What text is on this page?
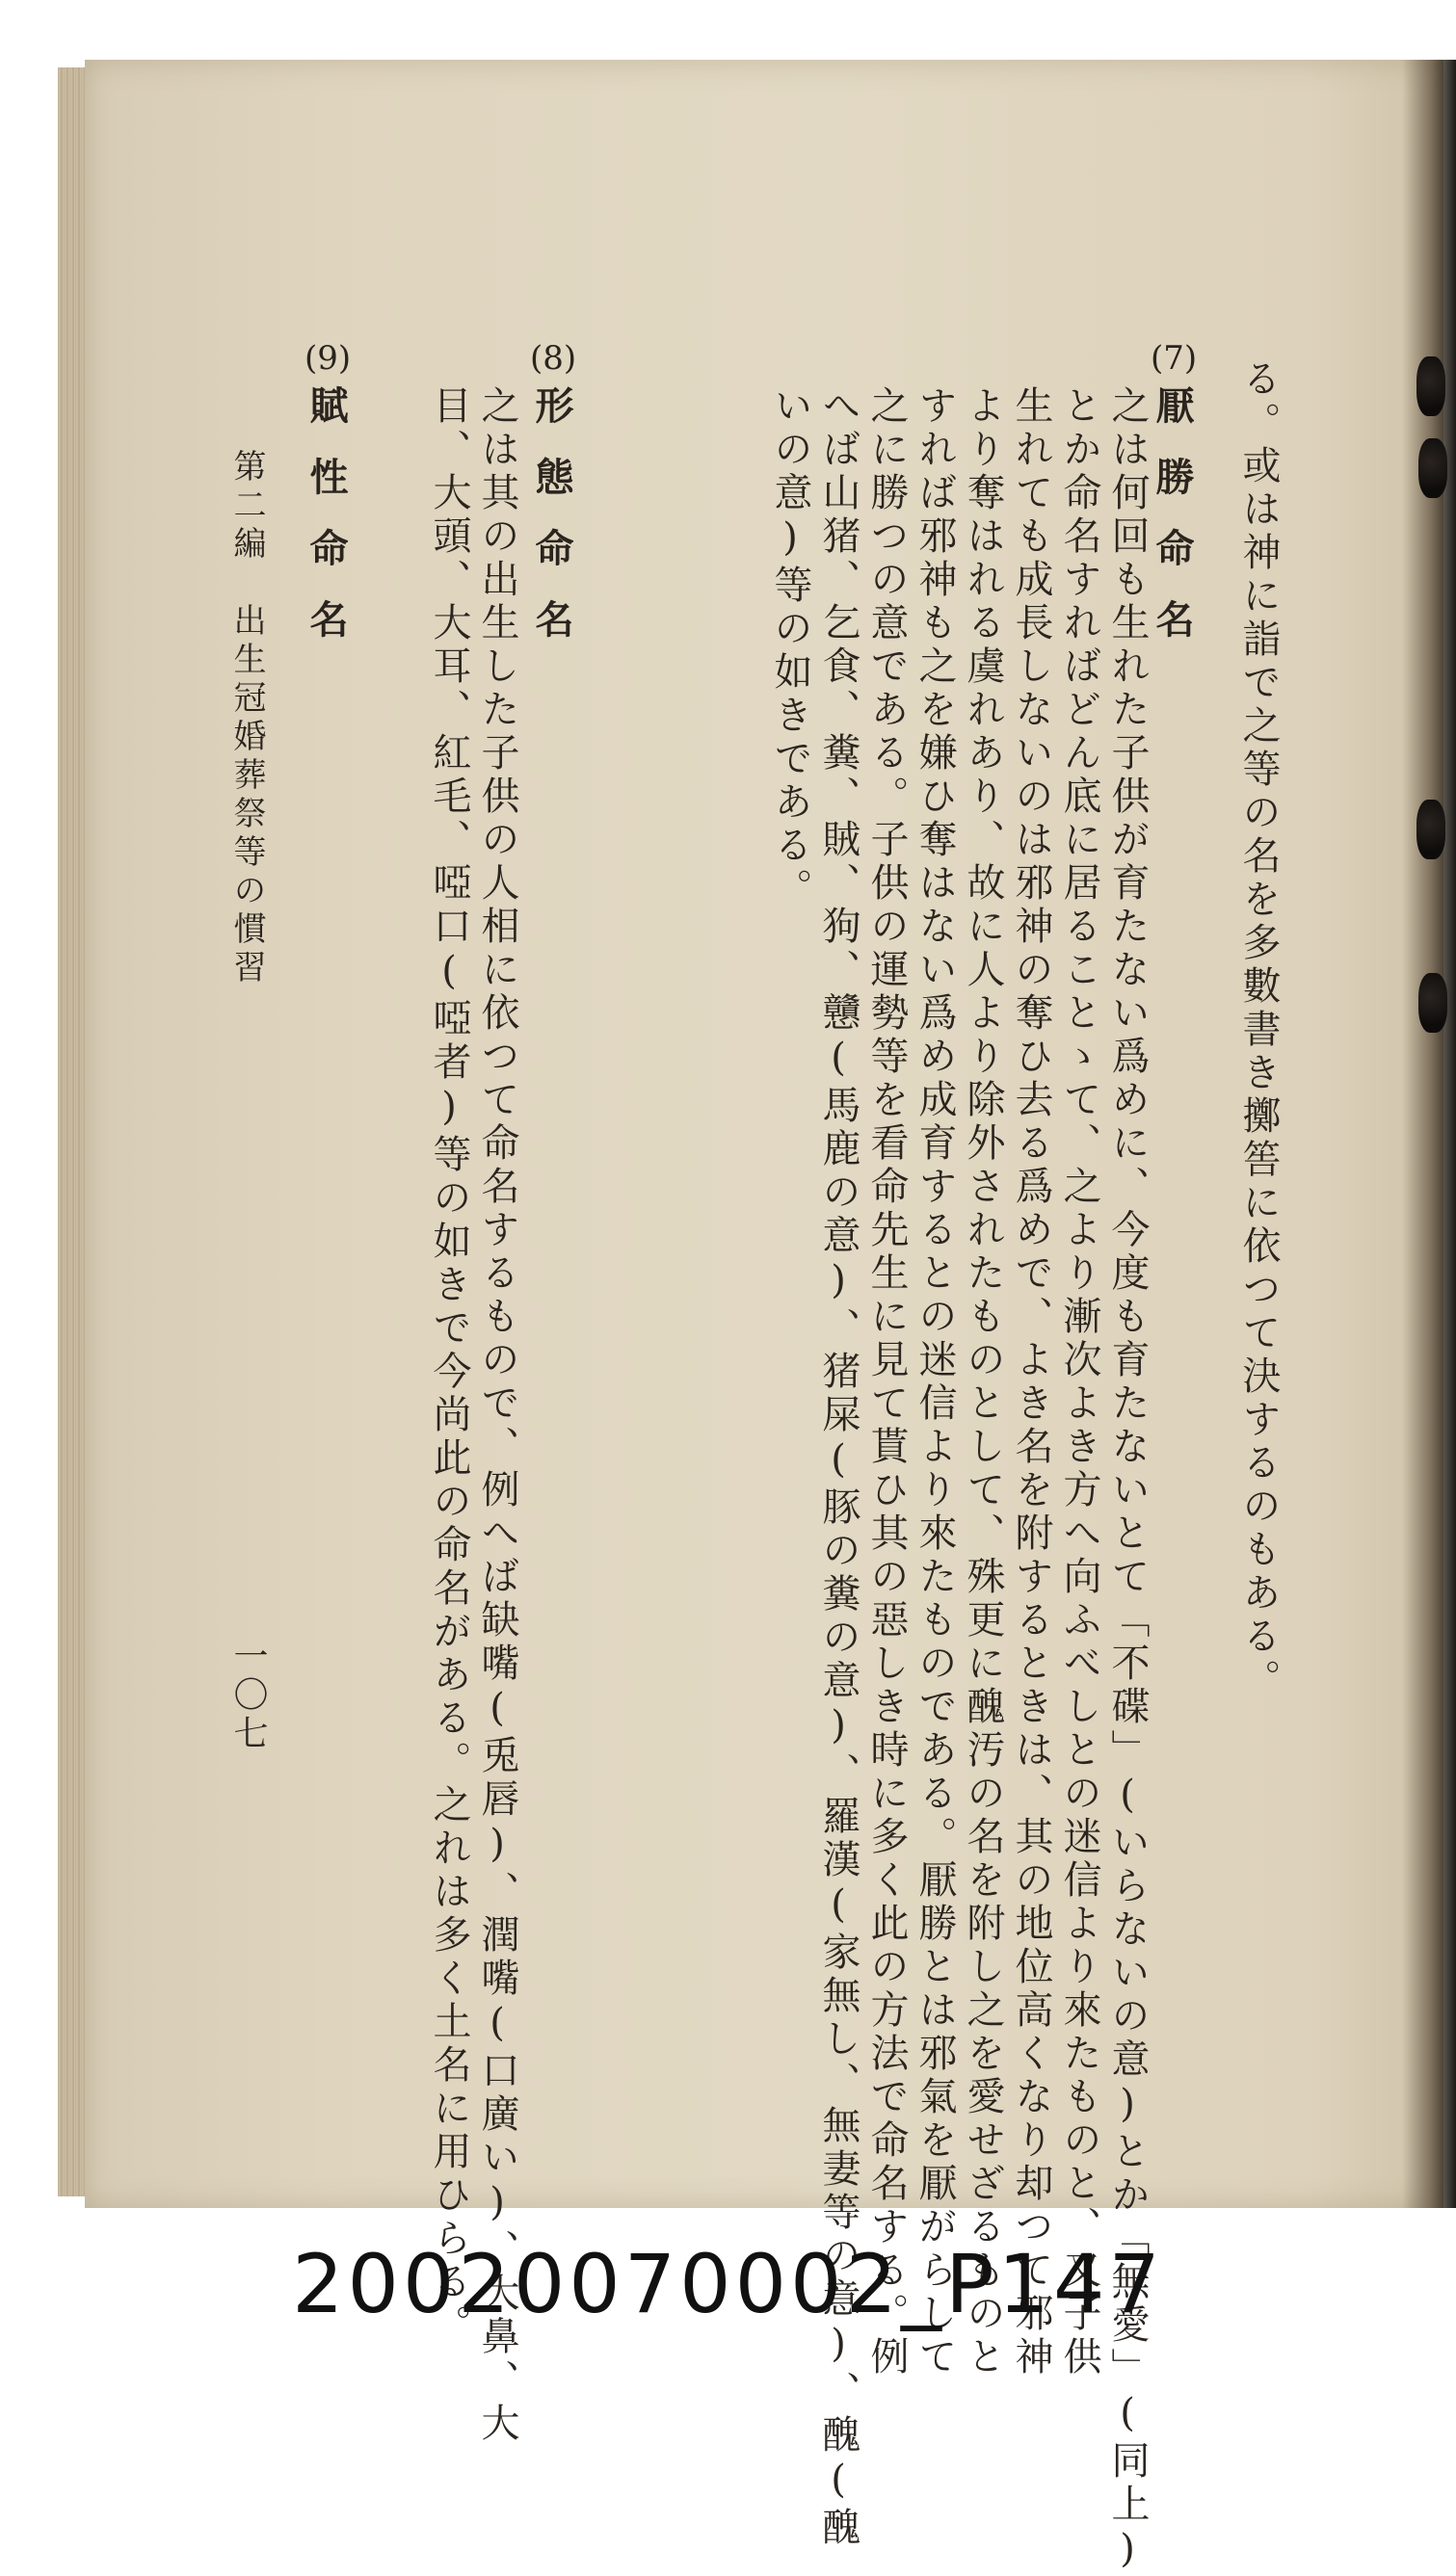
る。或は神に詣で之等の名を多數書き擲筶に依つて決するのもある。
(7)
厭勝命名
之は何回も生れた子供が育たない爲めに、今度も育たないとて「不碟」(いらないの意)とか「無愛」(同上)
とか命名すればどん底に居ることゝて、之より漸次よき方へ向ふべしとの迷信より來たものと、又子供
生れても成長しないのは邪神の奪ひ去る爲めで、よき名を附するときは、其の地位高くなり却つて邪神
より奪はれる虞れあり、故に人より除外されたものとして、殊更に醜汚の名を附し之を愛せざるものと
すれば邪神も之を嫌ひ奪はない爲め成育するとの迷信より來たものである。厭勝とは邪氣を厭がらして
之に勝つの意である。子供の運勢等を看命先生に見て貰ひ其の惡しき時に多く此の方法で命名する。例
へば山猪、乞食、糞、賊、狗、戇(馬鹿の意)、猪屎(豚の糞の意)、羅漢(家無し、無妻等の意)、醜(醜
いの意)等の如きである。
(8)
形態命名
之は其の出生した子供の人相に依つて命名するもので、例へば缺嘴(兎唇)、潤嘴(口廣い)、大鼻、大
目、大頭、大耳、紅毛、啞口(啞者)等の如きで今尚此の命名がある。之れは多く土名に用ひらる。
(9)
賦性命名
第二編　出生冠婚葬祭等の慣習
一〇七
20020070002_P147
